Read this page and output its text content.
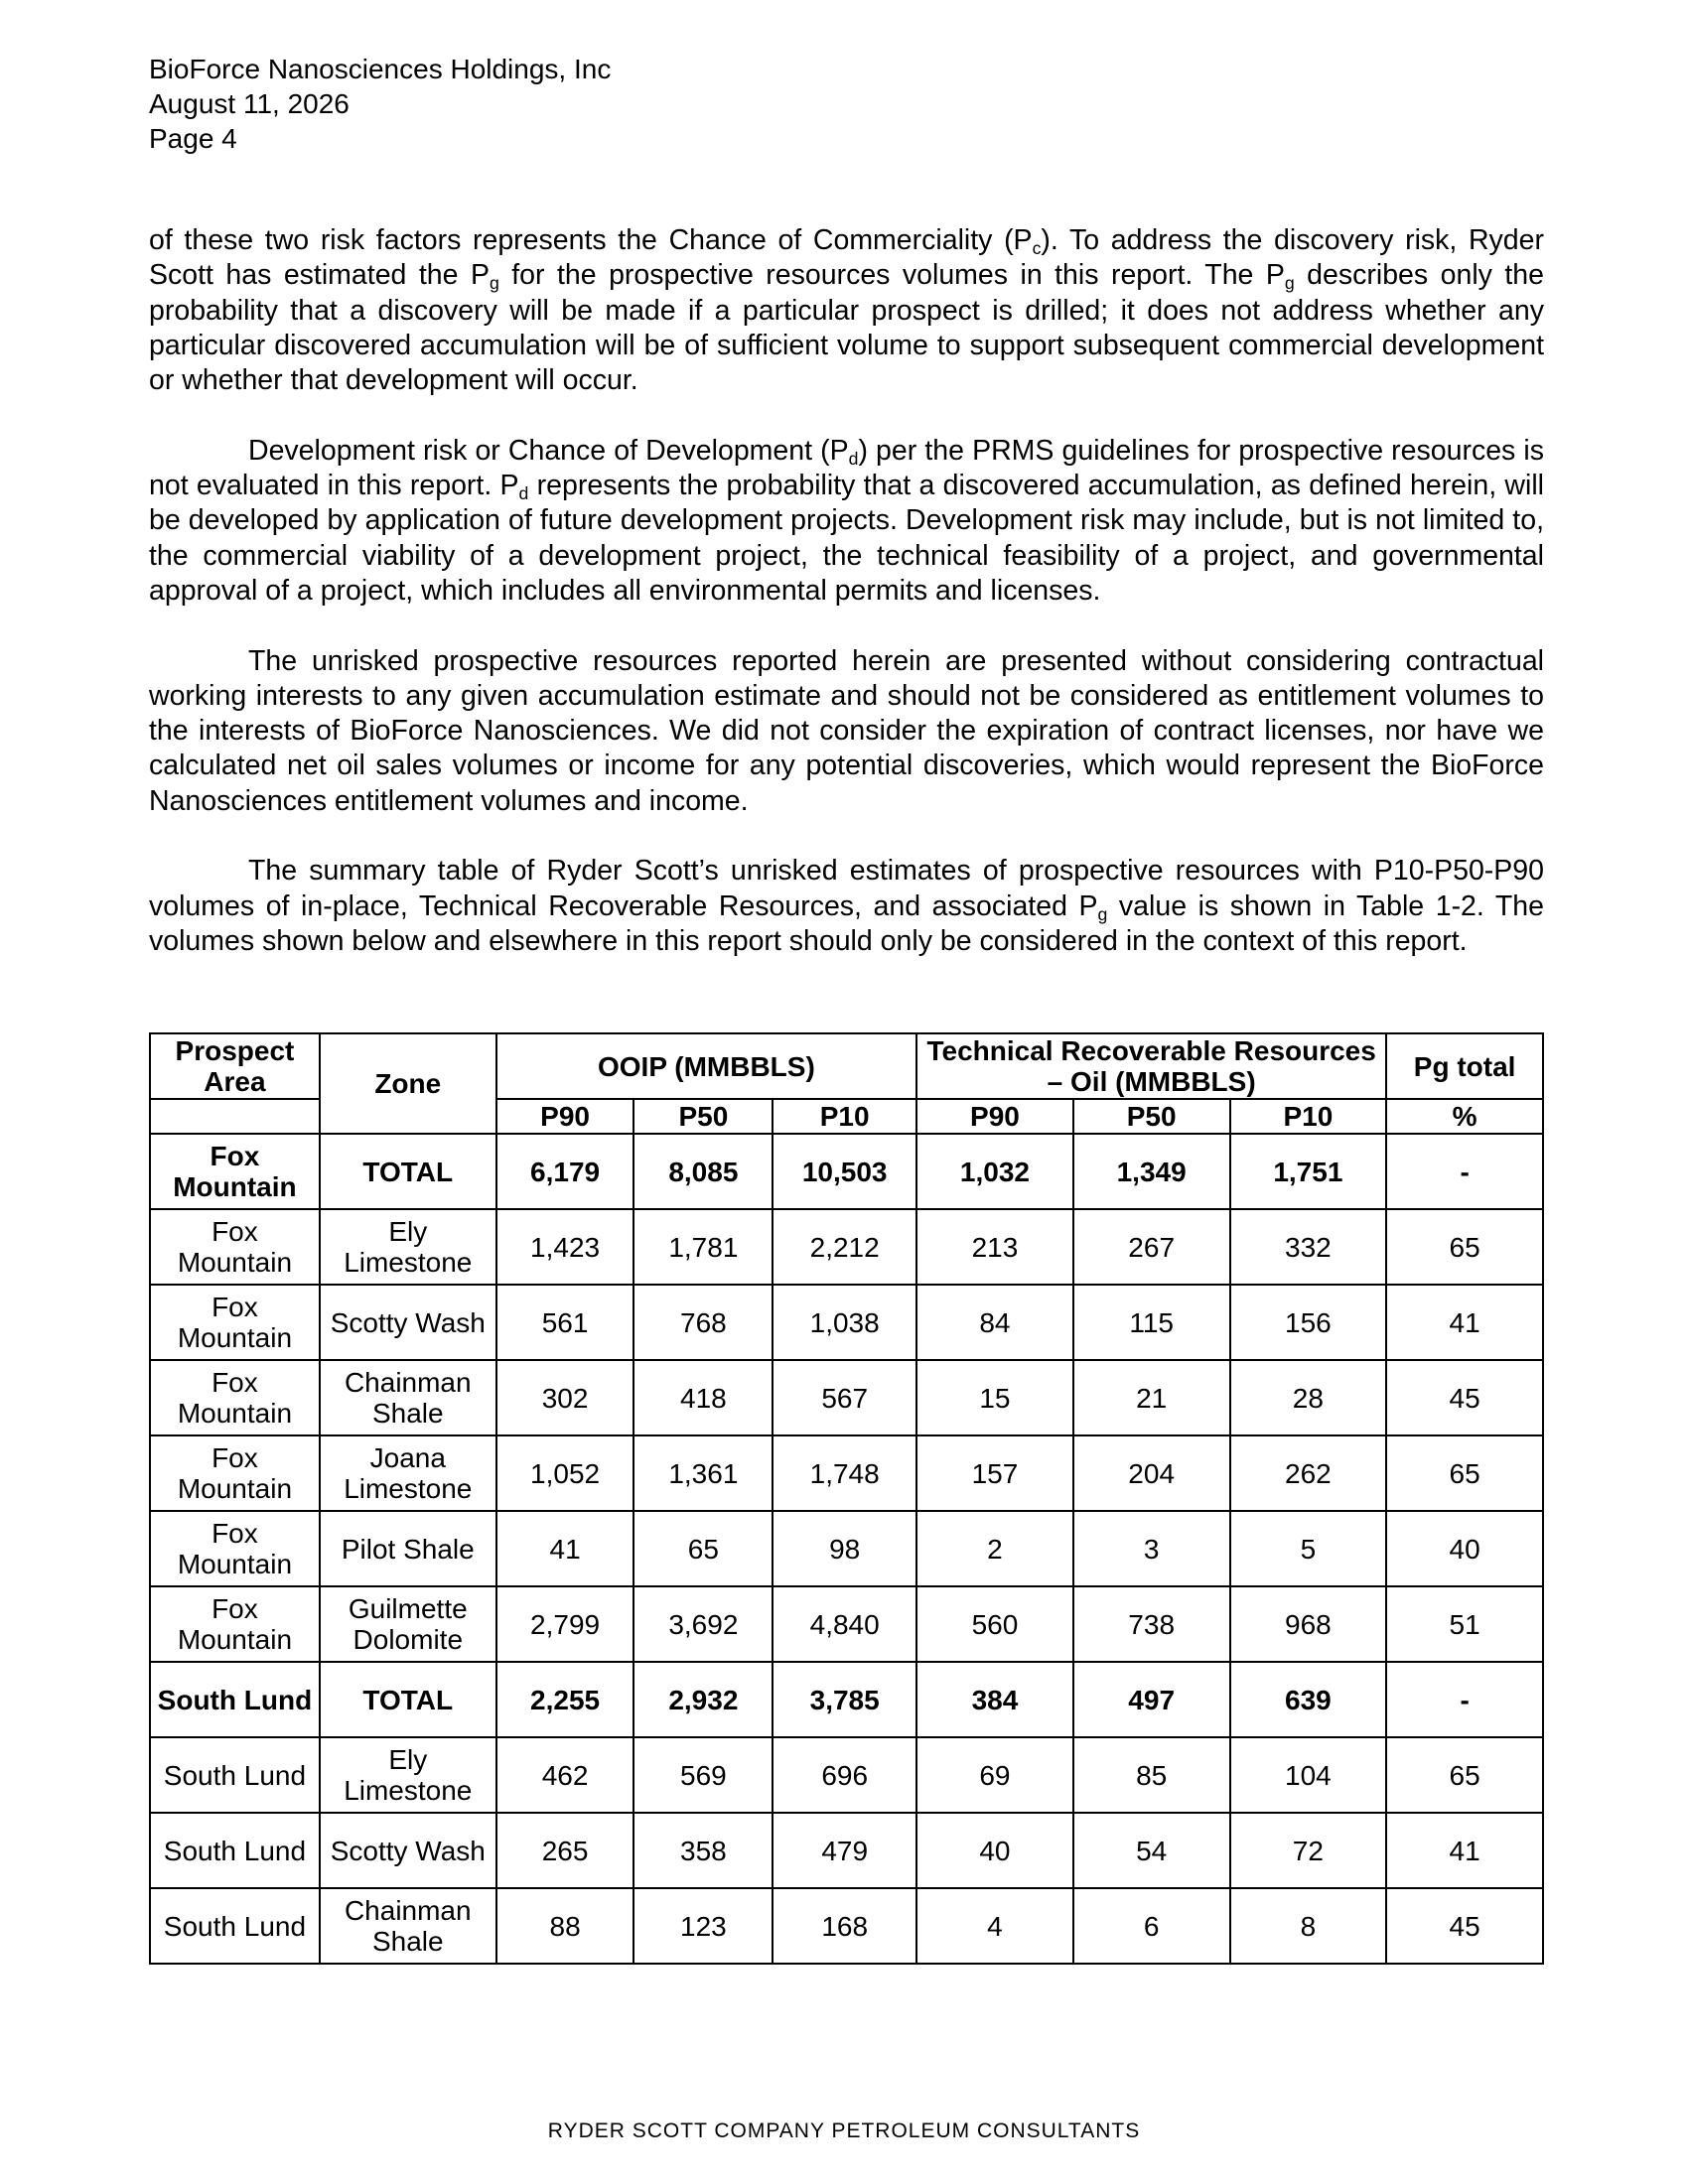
BioForce Nanosciences Holdings, Inc
August 11, 2026
Page 4

of these two risk factors represents the Chance of Commerciality $(P_c)$. To address the discovery risk, Ryder Scott has estimated the $P_g$ for the prospective resources volumes in this report. The $P_g$ describes only the probability that a discovery will be made if a particular prospect is drilled; it does not address whether any particular discovered accumulation will be of sufficient volume to support subsequent commercial development or whether that development will occur.

Development risk or Chance of Development $(P_d)$ per the PRMS guidelines for prospective resources is not evaluated in this report. $P_d$ represents the probability that a discovered accumulation, as defined herein, will be developed by application of future development projects. Development risk may include, but is not limited to, the commercial viability of a development project, the technical feasibility of a project, and governmental approval of a project, which includes all environmental permits and licenses.

The unrisked prospective resources reported herein are presented without considering contractual working interests to any given accumulation estimate and should not be considered as entitlement volumes to the interests of BioForce Nanosciences. We did not consider the expiration of contract licenses, nor have we calculated net oil sales volumes or income for any potential discoveries, which would represent the BioForce Nanosciences entitlement volumes and income.

The summary table of Ryder Scott’s unrisked estimates of prospective resources with P10-P50-P90 volumes of in-place, Technical Recoverable Resources, and associated $P_g$ value is shown in Table 1-2. The volumes shown below and elsewhere in this report should only be considered in the context of this report.

Prospect Area	Zone	OOIP (MMBBLS)			Technical Recoverable Resources – Oil (MMBBLS)			Pg total
		P90	P50	P10	P90	P50	P10	%
Fox Mountain	TOTAL	6,179	8,085	10,503	1,032	1,349	1,751	-
Fox Mountain	Ely Limestone	1,423	1,781	2,212	213	267	332	65
Fox Mountain	Scotty Wash	561	768	1,038	84	115	156	41
Fox Mountain	Chainman Shale	302	418	567	15	21	28	45
Fox Mountain	Joana Limestone	1,052	1,361	1,748	157	204	262	65
Fox Mountain	Pilot Shale	41	65	98	2	3	5	40
Fox Mountain	Guilmette Dolomite	2,799	3,692	4,840	560	738	968	51
South Lund	TOTAL	2,255	2,932	3,785	384	497	639	-
South Lund	Ely Limestone	462	569	696	69	85	104	65
South Lund	Scotty Wash	265	358	479	40	54	72	41
South Lund	Chainman Shale	88	123	168	4	6	8	45
RYDER SCOTT COMPANY PETROLEUM CONSULTANTS
